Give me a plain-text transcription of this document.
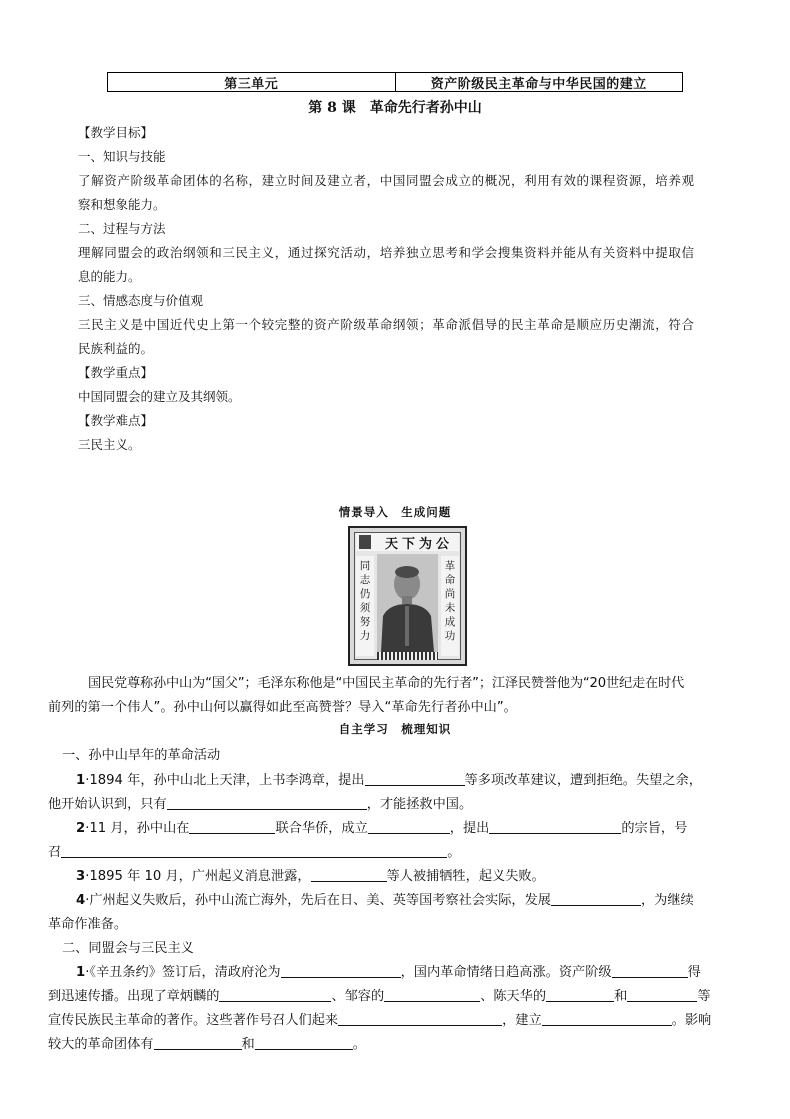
第三单元	资产阶级民主革命与中华民国的建立
第 8 课　革命先行者孙中山
【教学目标】
一、知识与技能
了解资产阶级革命团体的名称，建立时间及建立者，中国同盟会成立的概况，利用有效的课程资源，培养观
察和想象能力。
二、过程与方法
理解同盟会的政治纲领和三民主义，通过探究活动，培养独立思考和学会搜集资料并能从有关资料中提取信
息的能力。
三、情感态度与价值观
三民主义是中国近代史上第一个较完整的资产阶级革命纲领；革命派倡导的民主革命是顺应历史潮流，符合
民族利益的。
【教学重点】
中国同盟会的建立及其纲领。
【教学难点】
三民主义。
情景导入　生成问题
天下为公
同
志
仍
须
努
力
革
命
尚
未
成
功
国民党尊称孙中山为“国父”；毛泽东称他是“中国民主革命的先行者”；江泽民赞誉他为“20世纪走在时代
前列的第一个伟人”。孙中山何以赢得如此至高赞誉？导入“革命先行者孙中山”。
自主学习　梳理知识
一、孙中山早年的革命活动
1·1894 年，孙中山北上天津，上书李鸿章，提出	等多项改革建议，遭到拒绝。失望之余，
他开始认识到，只有	，才能拯救中国。
2·11 月，孙中山在	联合华侨，成立	，提出	的宗旨，号
召	。
3·1895 年 10 月，广州起义消息泄露，	等人被捕牺牲，起义失败。
4·广州起义失败后，孙中山流亡海外，先后在日、美、英等国考察社会实际，发展	，为继续
革命作准备。
二、同盟会与三民主义
1·《辛丑条约》签订后，清政府沦为	，国内革命情绪日趋高涨。资产阶级	得
到迅速传播。出现了章炳麟的	、邹容的	、陈天华的	和	等
宣传民族民主革命的著作。这些著作号召人们起来	，建立	。影响
较大的革命团体有	和	。
